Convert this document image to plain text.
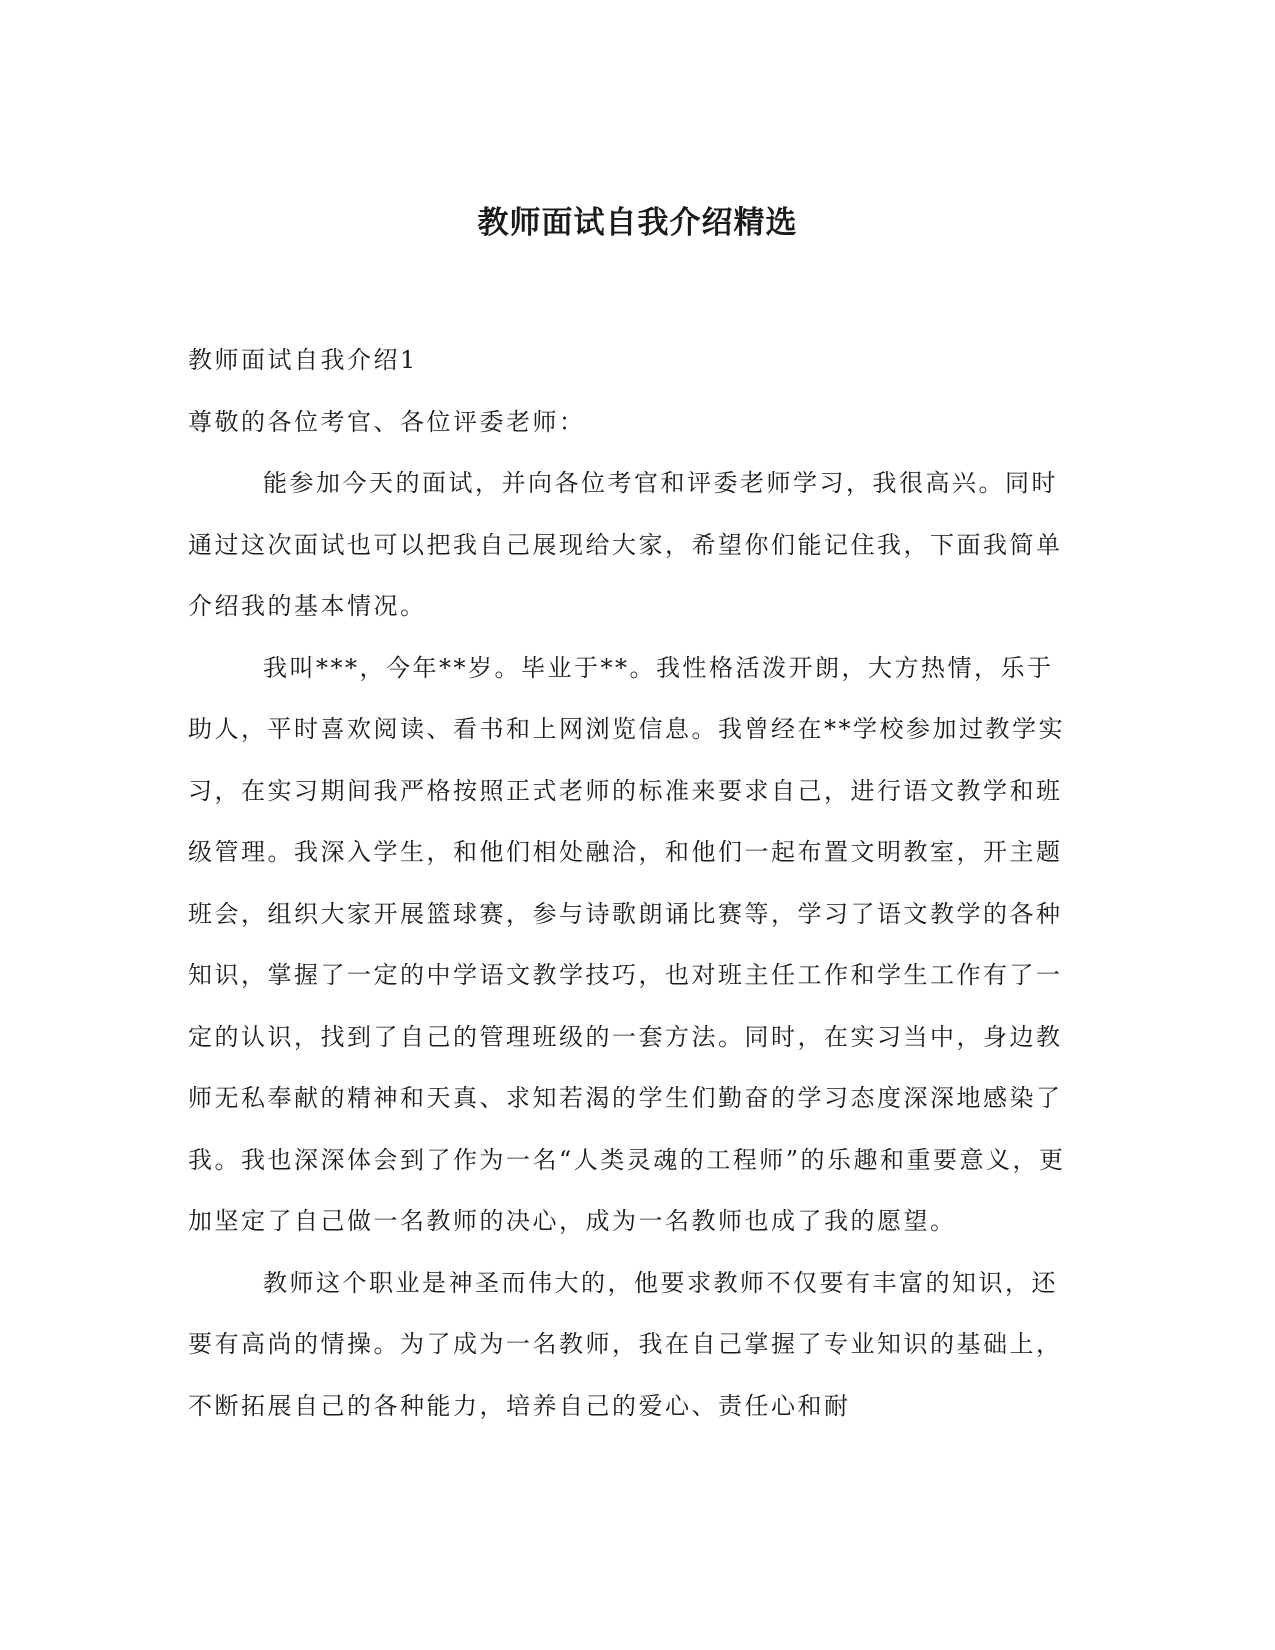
教师面试自我介绍精选

教师面试自我介绍1

尊敬的各位考官、各位评委老师：

能参加今天的面试，并向各位考官和评委老师学习，我很高兴。同时通过这次面试也可以把我自己展现给大家，希望你们能记住我，下面我简单介绍我的基本情况。

我叫***，今年**岁。毕业于**。我性格活泼开朗，大方热情，乐于助人，平时喜欢阅读、看书和上网浏览信息。我曾经在**学校参加过教学实习，在实习期间我严格按照正式老师的标准来要求自己，进行语文教学和班级管理。我深入学生，和他们相处融洽，和他们一起布置文明教室，开主题班会，组织大家开展篮球赛，参与诗歌朗诵比赛等，学习了语文教学的各种知识，掌握了一定的中学语文教学技巧，也对班主任工作和学生工作有了一定的认识，找到了自己的管理班级的一套方法。同时，在实习当中，身边教师无私奉献的精神和天真、求知若渴的学生们勤奋的学习态度深深地感染了我。我也深深体会到了作为一名“人类灵魂的工程师”的乐趣和重要意义，更加坚定了自己做一名教师的决心，成为一名教师也成了我的愿望。

教师这个职业是神圣而伟大的，他要求教师不仅要有丰富的知识，还要有高尚的情操。为了成为一名教师，我在自己掌握了专业知识的基础上，不断拓展自己的各种能力，培养自己的爱心、责任心和耐
